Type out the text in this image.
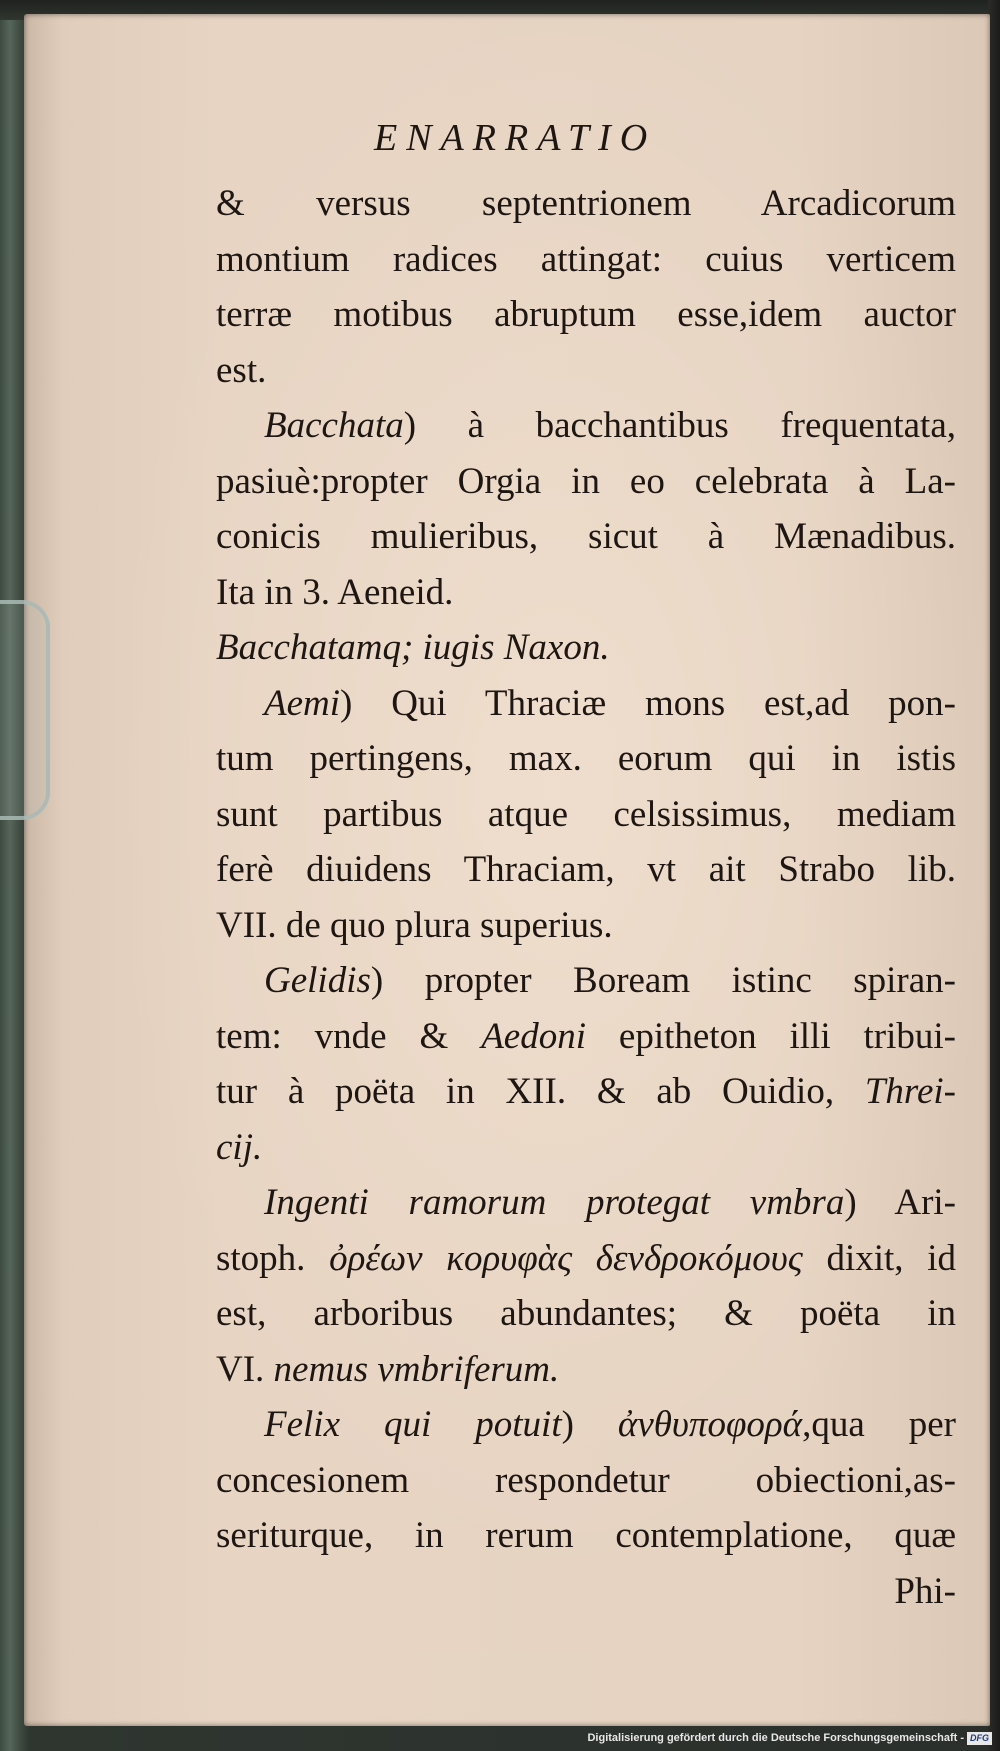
ENARRATIO
& versus septentrionem Arcadicorum
montium radices attingat: cuius verticem
terræ motibus abruptum esse,idem auctor
est.
Bacchata) à bacchantibus frequentata,
pasiuè:propter Orgia in eo celebrata à La-
conicis mulieribus, sicut à Mænadibus.
Ita in 3. Aeneid.
Bacchatamq; iugis Naxon.
Aemi) Qui Thraciæ mons est,ad pon-
tum pertingens, max. eorum qui in istis
sunt partibus atque celsissimus, mediam
ferè diuidens Thraciam, vt ait Strabo lib.
VII. de quo plura superius.
Gelidis) propter Boream istinc spiran-
tem: vnde & Aedoni epitheton illi tribui-
tur à poëta in XII. & ab Ouidio, Threi-
cij.
Ingenti ramorum protegat vmbra) Ari-
stoph. ὀρέων κορυφὰς δενδροκόμους dixit, id
est, arboribus abundantes; & poëta in
VI. nemus vmbriferum.
Felix qui potuit) ἀνθυποφορά,qua per
concesionem respondetur obiectioni,as-
seriturque, in rerum contemplatione, quæ
Phi-
Digitalisierung gefördert durch die Deutsche Forschungsgemeinschaft - DFG
